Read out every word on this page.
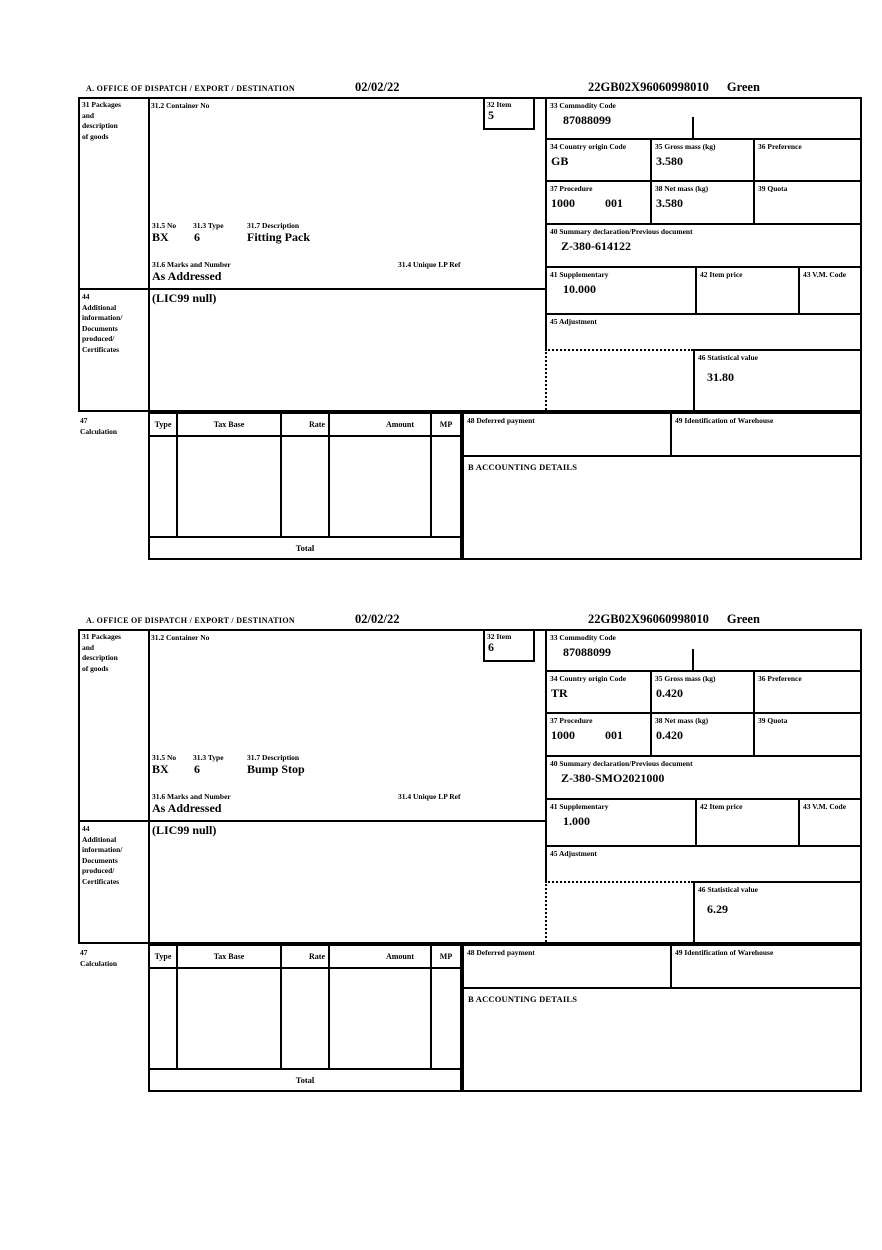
A. OFFICE OF DISPATCH / EXPORT / DESTINATION	02/02/22	22GB02X96060998010 Green
31 Packages
and
description
of goods
44
Additional
information/
Documents
produced/
Certificates
31.2 Container No	32 Item
5
31.5 No 31.3 Type	31.7 Description
BX 6	Fitting Pack
31.6 Marks and Number	31.4 Unique LP Ref
As Addressed
(LIC99 null)
33 Commodity Code
87088099
34 Country origin Code
GB
35 Gross mass (kg)
3.580
36 Preference
37 Procedure
1000	001
38 Net mass (kg)
3.580
39 Quota
40 Summary declaration/Previous document
Z-380-614122
41 Supplementary
10.000
42 Item price	43 V.M. Code
45 Adjustment
46 Statistical value
31.80
47
Calculation
Type	Tax Base	Rate	Amount	MP
Total
48 Deferred payment	49 Identification of Warehouse
B ACCOUNTING DETAILS
A. OFFICE OF DISPATCH / EXPORT / DESTINATION	02/02/22	22GB02X96060998010 Green
31 Packages
and
description
of goods
44
Additional
information/
Documents
produced/
Certificates
31.2 Container No	32 Item
6
31.5 No 31.3 Type	31.7 Description
BX 6	Bump Stop
31.6 Marks and Number	31.4 Unique LP Ref
As Addressed
(LIC99 null)
33 Commodity Code
87088099
34 Country origin Code
TR
35 Gross mass (kg)
0.420
36 Preference
37 Procedure
1000	001
38 Net mass (kg)
0.420
39 Quota
40 Summary declaration/Previous document
Z-380-SMO2021000
41 Supplementary
1.000
42 Item price	43 V.M. Code
45 Adjustment
46 Statistical value
6.29
47
Calculation
Type	Tax Base	Rate	Amount	MP
Total
48 Deferred payment	49 Identification of Warehouse
B ACCOUNTING DETAILS
